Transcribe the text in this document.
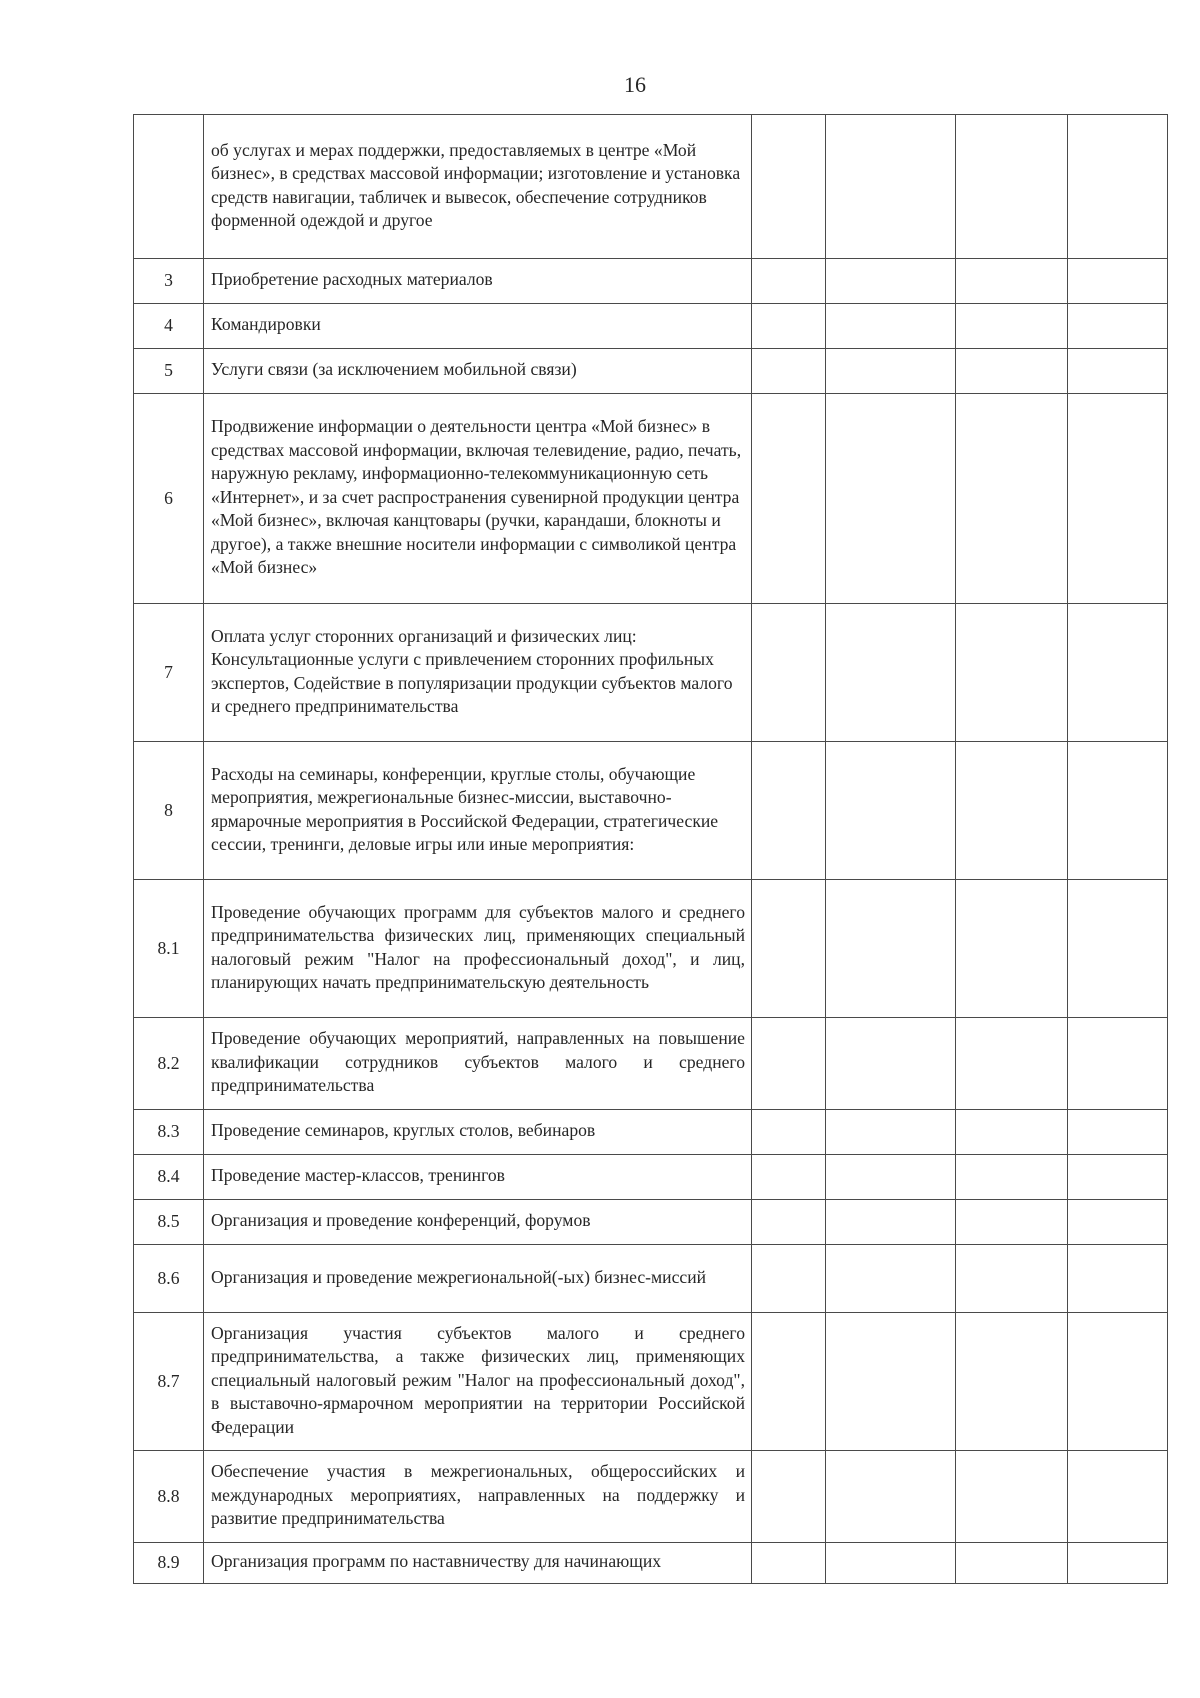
16
	об услугах и мерах поддержки, предоставляемых в центре «Мой бизнес», в средствах массовой информации; изготовление и установка средств навигации, табличек и вывесок, обеспечение сотрудников форменной одеждой и другое				
3	Приобретение расходных материалов				
4	Командировки				
5	Услуги связи (за исключением мобильной связи)				
6	Продвижение информации о деятельности центра «Мой бизнес» в средствах массовой информации, включая телевидение, радио, печать, наружную рекламу, информационно-телекоммуникационную сеть «Интернет», и за счет распространения сувенирной продукции центра «Мой бизнес», включая канцтовары (ручки, карандаши, блокноты и другое), а также внешние носители информации с символикой центра «Мой бизнес»				
7	Оплата услуг сторонних организаций и физических лиц: Консультационные услуги с привлечением сторонних профильных экспертов, Содействие в популяризации продукции субъектов малого и среднего предпринимательства				
8	Расходы на семинары, конференции, круглые столы, обучающие мероприятия, межрегиональные бизнес-миссии, выставочно-ярмарочные мероприятия в Российской Федерации, стратегические сессии, тренинги, деловые игры или иные мероприятия:				
8.1	Проведение обучающих программ для субъектов малого и среднего предпринимательства физических лиц, применяющих специальный налоговый режим "Налог на профессиональный доход", и лиц, планирующих начать предпринимательскую деятельность				
8.2	Проведение обучающих мероприятий, направленных на повышение квалификации сотрудников субъектов малого и среднего предпринимательства				
8.3	Проведение семинаров, круглых столов, вебинаров				
8.4	Проведение мастер-классов, тренингов				
8.5	Организация и проведение конференций, форумов				
8.6	Организация и проведение межрегиональной(-ых) бизнес-миссий				
8.7	Организация участия субъектов малого и среднего предпринимательства, а также физических лиц, применяющих специальный налоговый режим "Налог на профессиональный доход", в выставочно-ярмарочном мероприятии на территории Российской Федерации				
8.8	Обеспечение участия в межрегиональных, общероссийских и международных мероприятиях, направленных на поддержку и развитие предпринимательства				
8.9	Организация программ по наставничеству для начинающих				
